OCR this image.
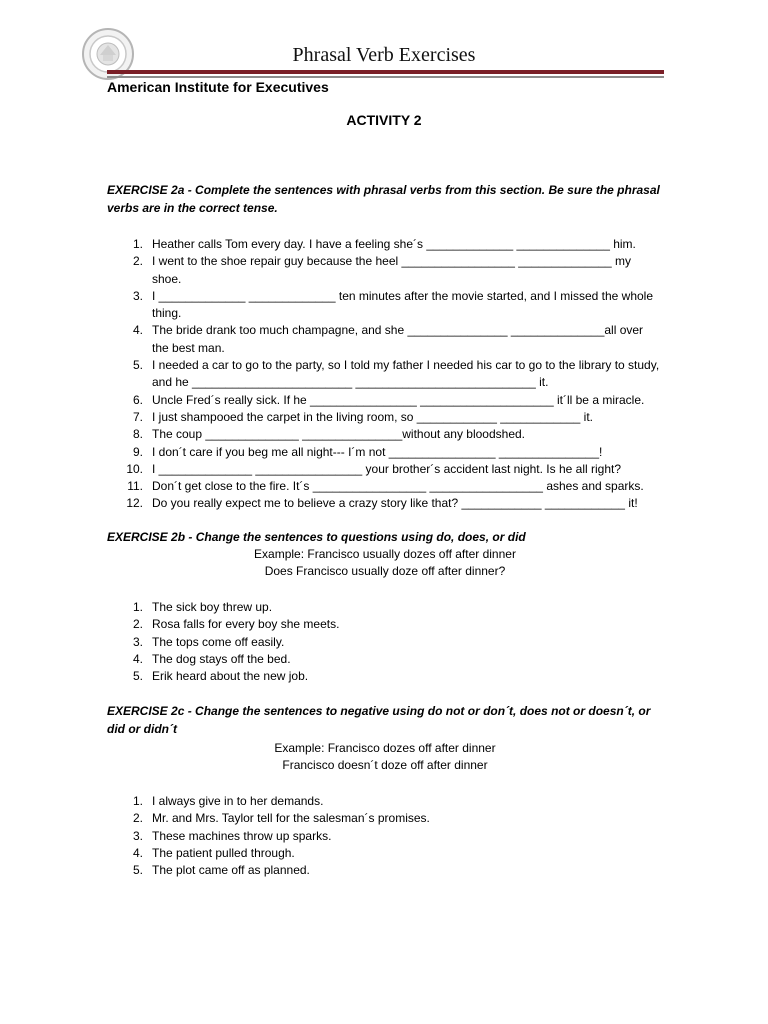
Phrasal Verb Exercises
American Institute for Executives
ACTIVITY 2

EXERCISE 2a - Complete the sentences with phrasal verbs from this section. Be sure the phrasal verbs are in the correct tense.

1. Heather calls Tom every day. I have a feeling she´s _____________ ______________ him.
2. I went to the shoe repair guy because the heel _________________ ______________ my shoe.
3. I _____________ _____________ ten minutes after the movie started, and I missed the whole thing.
4. The bride drank too much champagne, and she _______________ ______________all over the best man.
5. I needed a car to go to the party, so I told my father I needed his car to go to the library to study, and he ________________________ ___________________________ it.
6. Uncle Fred´s really sick. If he ________________ ____________________ it´ll be a miracle.
7. I just shampooed the carpet in the living room, so ____________ ____________ it.
8. The coup ______________ _______________without any bloodshed.
9. I don´t care if you beg me all night--- I´m not ________________ _______________!
10. I ______________ ________________ your brother´s accident last night. Is he all right?
11. Don´t get close to the fire. It´s _________________ _________________ ashes and sparks.
12. Do you really expect me to believe a crazy story like that? ____________ ____________ it!

EXERCISE 2b - Change the sentences to questions using do, does, or did

Example: Francisco usually dozes off after dinner
Does Francisco usually doze off after dinner?
1. The sick boy threw up.
2. Rosa falls for every boy she meets.
3. The tops come off easily.
4. The dog stays off the bed.
5. Erik heard about the new job.

EXERCISE 2c - Change the sentences to negative using do not or don´t, does not or doesn´t, or did or didn´t

Example: Francisco dozes off after dinner
Francisco doesn´t doze off after dinner
1. I always give in to her demands.
2. Mr. and Mrs. Taylor tell for the salesman´s promises.
3. These machines throw up sparks.
4. The patient pulled through.
5. The plot came off as planned.
